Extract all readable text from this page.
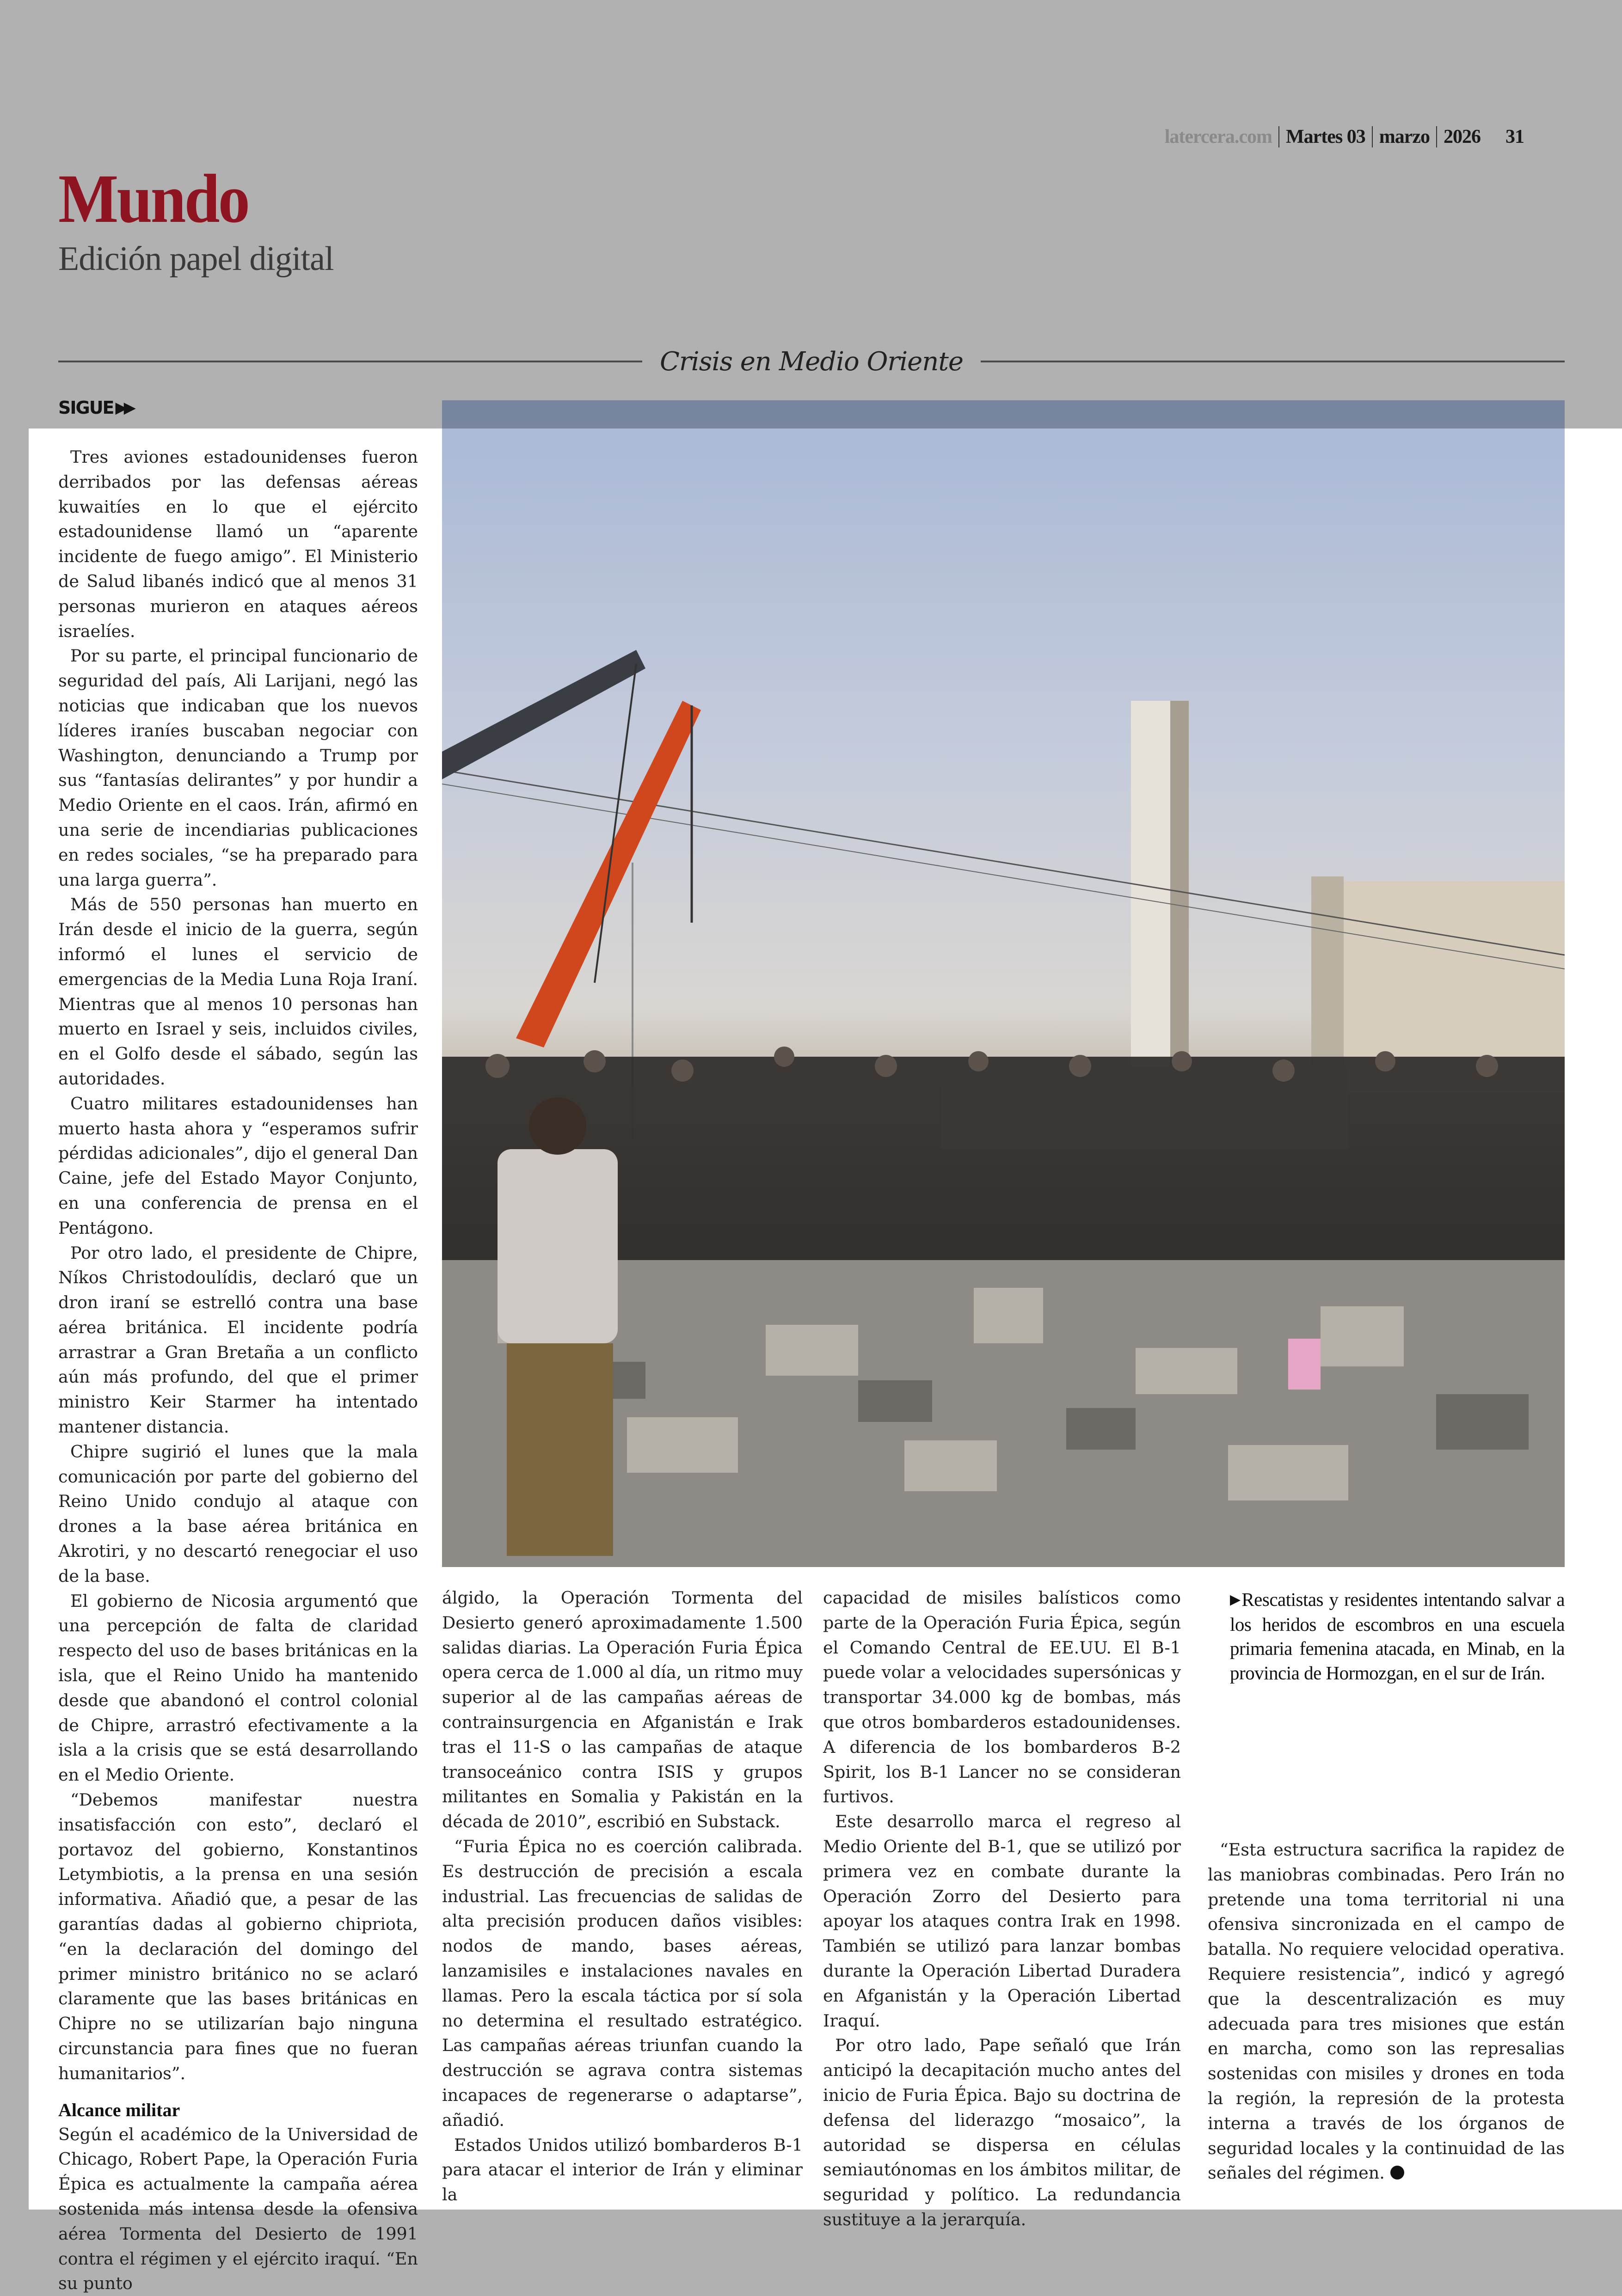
latercera.com Martes 03 marzo 2026	31
Mundo
Edición papel digital
Crisis en Medio Oriente
SIGUE ▶▶

Tres aviones estadounidenses fueron derribados por las defensas aéreas kuwaitíes en lo que el ejército estadounidense llamó un “aparente incidente de fuego amigo”. El Ministerio de Salud libanés indicó que al menos 31 personas murieron en ataques aéreos israelíes.

Por su parte, el principal funcionario de seguridad del país, Ali Larijani, negó las noticias que indicaban que los nuevos líderes iraníes buscaban negociar con Washington, denunciando a Trump por sus “fantasías delirantes” y por hundir a Medio Oriente en el caos. Irán, afirmó en una serie de incendiarias publicaciones en redes sociales, “se ha preparado para una larga guerra”.

Más de 550 personas han muerto en Irán desde el inicio de la guerra, según informó el lunes el servicio de emergencias de la Media Luna Roja Iraní. Mientras que al menos 10 personas han muerto en Israel y seis, incluidos civiles, en el Golfo desde el sábado, según las autoridades.

Cuatro militares estadounidenses han muerto hasta ahora y “esperamos sufrir pérdidas adicionales”, dijo el general Dan Caine, jefe del Estado Mayor Conjunto, en una conferencia de prensa en el Pentágono.

Por otro lado, el presidente de Chipre, Níkos Christodoulídis, declaró que un dron iraní se estrelló contra una base aérea británica. El incidente podría arrastrar a Gran Bretaña a un conflicto aún más profundo, del que el primer ministro Keir Starmer ha intentado mantener distancia.

Chipre sugirió el lunes que la mala comunicación por parte del gobierno del Reino Unido condujo al ataque con drones a la base aérea británica en Akrotiri, y no descartó renegociar el uso de la base.

El gobierno de Nicosia argumentó que una percepción de falta de claridad respecto del uso de bases británicas en la isla, que el Reino Unido ha mantenido desde que abandonó el control colonial de Chipre, arrastró efectivamente a la isla a la crisis que se está desarrollando en el Medio Oriente.

“Debemos manifestar nuestra insatisfacción con esto”, declaró el portavoz del gobierno, Konstantinos Letymbiotis, a la prensa en una sesión informativa. Añadió que, a pesar de las garantías dadas al gobierno chipriota, “en la declaración del domingo del primer ministro británico no se aclaró claramente que las bases británicas en Chipre no se utilizarían bajo ninguna circunstancia para fines que no fueran humanitarios”.

Alcance militar

Según el académico de la Universidad de Chicago, Robert Pape, la Operación Furia Épica es actualmente la campaña aérea sostenida más intensa desde la ofensiva aérea Tormenta del Desierto de 1991 contra el régimen y el ejército iraquí. “En su punto

álgido, la Operación Tormenta del Desierto generó aproximadamente 1.500 salidas diarias. La Operación Furia Épica opera cerca de 1.000 al día, un ritmo muy superior al de las campañas aéreas de contrainsurgencia en Afganistán e Irak tras el 11-S o las campañas de ataque transoceánico contra ISIS y grupos militantes en Somalia y Pakistán en la década de 2010”, escribió en Substack.

“Furia Épica no es coerción calibrada. Es destrucción de precisión a escala industrial. Las frecuencias de salidas de alta precisión producen daños visibles: nodos de mando, bases aéreas, lanzamisiles e instalaciones navales en llamas. Pero la escala táctica por sí sola no determina el resultado estratégico. Las campañas aéreas triunfan cuando la destrucción se agrava contra sistemas incapaces de regenerarse o adaptarse”, añadió.

Estados Unidos utilizó bombarderos B-1 para atacar el interior de Irán y eliminar la

capacidad de misiles balísticos como parte de la Operación Furia Épica, según el Comando Central de EE.UU. El B-1 puede volar a velocidades supersónicas y transportar 34.000 kg de bombas, más que otros bombarderos estadounidenses. A diferencia de los bombarderos B-2 Spirit, los B-1 Lancer no se consideran furtivos.

Este desarrollo marca el regreso al Medio Oriente del B-1, que se utilizó por primera vez en combate durante la Operación Zorro del Desierto para apoyar los ataques contra Irak en 1998. También se utilizó para lanzar bombas durante la Operación Libertad Duradera en Afganistán y la Operación Libertad Iraquí.

Por otro lado, Pape señaló que Irán anticipó la decapitación mucho antes del inicio de Furia Épica. Bajo su doctrina de defensa del liderazgo “mosaico”, la autoridad se dispersa en células semiautónomas en los ámbitos militar, de seguridad y político. La redundancia sustituye a la jerarquía.

▶Rescatistas y residentes intentando salvar a los heridos de escombros en una escuela primaria femenina atacada, en Minab, en la provincia de Hormozgan, en el sur de Irán.

“Esta estructura sacrifica la rapidez de las maniobras combinadas. Pero Irán no pretende una toma territorial ni una ofensiva sincronizada en el campo de batalla. No requiere velocidad operativa. Requiere resistencia”, indicó y agregó que la descentralización es muy adecuada para tres misiones que están en marcha, como son las represalias sostenidas con misiles y drones en toda la región, la represión de la protesta interna a través de los órganos de seguridad locales y la continuidad de las señales del régimen.
